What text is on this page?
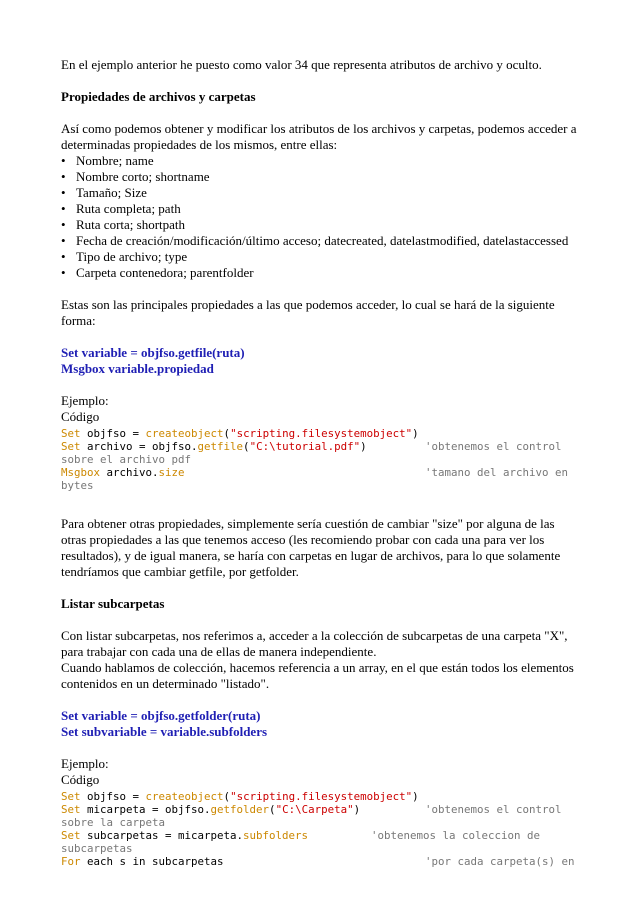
En el ejemplo anterior he puesto como valor 34 que representa atributos de archivo y oculto.

Propiedades de archivos y carpetas

Así como podemos obtener y modificar los atributos de los archivos y carpetas, podemos acceder a
determinadas propiedades de los mismos, entre ellas:

• Nombre; name
• Nombre corto; shortname
• Tamaño; Size
• Ruta completa; path
• Ruta corta; shortpath
• Fecha de creación/modificación/último acceso; datecreated, datelastmodified, datelastaccessed
• Tipo de archivo; type
• Carpeta contenedora; parentfolder

Estas son las principales propiedades a las que podemos acceder, lo cual se hará de la siguiente
forma:

Set variable = objfso.getfile(ruta)

Msgbox variable.propiedad

Ejemplo:

Código

Set objfso = createobject("scripting.filesystemobject")
Set archivo = objfso.getfile("C:\tutorial.pdf")	'obtenemos el control
sobre el archivo pdf
Msgbox archivo.size	'tamano del archivo en
bytes

Para obtener otras propiedades, simplemente sería cuestión de cambiar "size" por alguna de las
otras propiedades a las que tenemos acceso (les recomiendo probar con cada una para ver los
resultados), y de igual manera, se haría con carpetas en lugar de archivos, para lo que solamente
tendríamos que cambiar getfile, por getfolder.

Listar subcarpetas

Con listar subcarpetas, nos referimos a, acceder a la colección de subcarpetas de una carpeta "X",
para trabajar con cada una de ellas de manera independiente.
Cuando hablamos de colección, hacemos referencia a un array, en el que están todos los elementos
contenidos en un determinado "listado".

Set variable = objfso.getfolder(ruta)

Set subvariable = variable.subfolders

Ejemplo:

Código

Set objfso = createobject("scripting.filesystemobject")
Set micarpeta = objfso.getfolder("C:\Carpeta")	'obtenemos el control
sobre la carpeta
Set subcarpetas = micarpeta.subfolders	'obtenemos la coleccion de
subcarpetas
For each s in subcarpetas	'por cada carpeta(s) en
